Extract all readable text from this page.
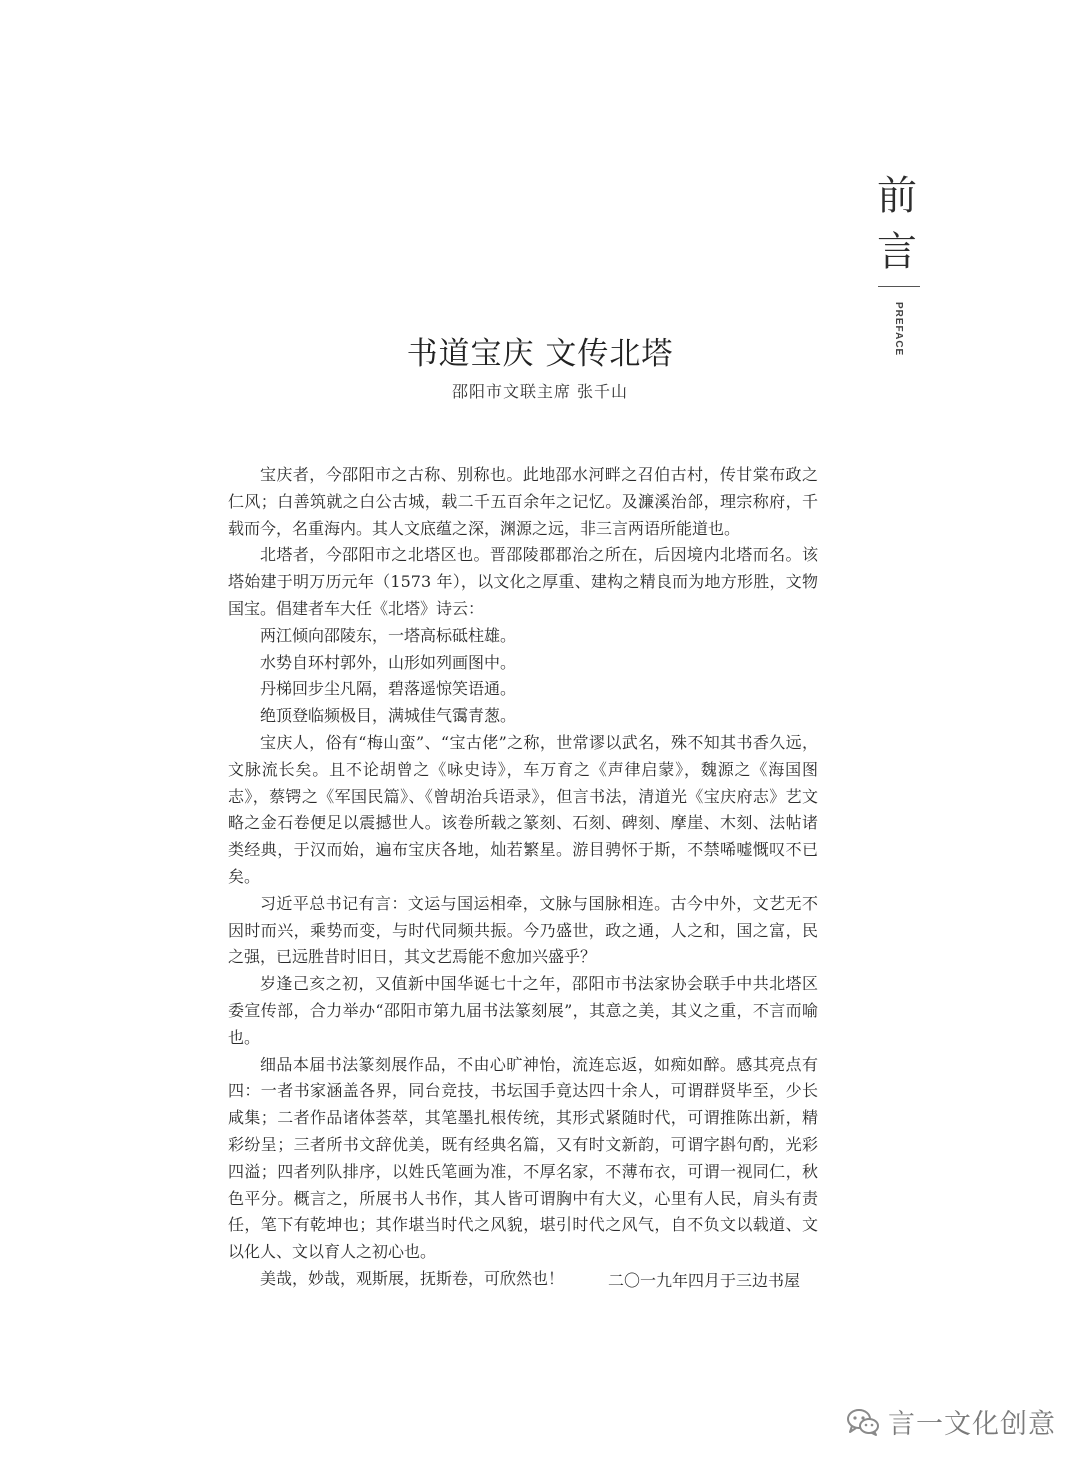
前
言
PREFACE
书道宝庆 文传北塔
邵阳市文联主席 张千山

宝庆者，今邵阳市之古称、别称也。此地邵水河畔之召伯古村，传甘棠布政之仁风；白善筑就之白公古城，载二千五百余年之记忆。及濂溪治郃，理宗称府，千载而今，名重海内。其人文底蕴之深，渊源之远，非三言两语所能道也。

北塔者，今邵阳市之北塔区也。晋邵陵郡郡治之所在，后因境内北塔而名。该塔始建于明万历元年（1573 年），以文化之厚重、建构之精良而为地方形胜，文物国宝。倡建者车大任《北塔》诗云：

两江倾向邵陵东，一塔高标砥柱雄。

水势自环村郭外，山形如列画图中。

丹梯回步尘凡隔，碧落遥惊笑语通。

绝顶登临频极目，满城佳气霭青葱。

宝庆人，俗有“梅山蛮”、“宝古佬”之称，世常谬以武名，殊不知其书香久远，文脉流长矣。且不论胡曾之《咏史诗》，车万育之《声律启蒙》，魏源之《海国图志》，蔡锷之《军国民篇》、《曾胡治兵语录》，但言书法，清道光《宝庆府志》艺文略之金石卷便足以震撼世人。该卷所载之篆刻、石刻、碑刻、摩崖、木刻、法帖诸类经典，于汉而始，遍布宝庆各地，灿若繁星。游目骋怀于斯，不禁唏嘘慨叹不已矣。

习近平总书记有言：文运与国运相牵，文脉与国脉相连。古今中外，文艺无不因时而兴，乘势而变，与时代同频共振。今乃盛世，政之通，人之和，国之富，民之强，已远胜昔时旧日，其文艺焉能不愈加兴盛乎？

岁逢己亥之初，又值新中国华诞七十之年，邵阳市书法家协会联手中共北塔区委宣传部，合力举办“邵阳市第九届书法篆刻展”，其意之美，其义之重，不言而喻也。

细品本届书法篆刻展作品，不由心旷神怡，流连忘返，如痴如醉。感其亮点有四：一者书家涵盖各界，同台竞技，书坛国手竟达四十余人，可谓群贤毕至，少长咸集；二者作品诸体荟萃，其笔墨扎根传统，其形式紧随时代，可谓推陈出新，精彩纷呈；三者所书文辞优美，既有经典名篇，又有时文新韵，可谓字斟句酌，光彩四溢；四者列队排序，以姓氏笔画为准，不厚名家，不薄布衣，可谓一视同仁，秋色平分。概言之，所展书人书作，其人皆可谓胸中有大义，心里有人民，肩头有责任，笔下有乾坤也；其作堪当时代之风貌，堪引时代之风气，自不负文以载道、文以化人、文以育人之初心也。

美哉，妙哉，观斯展，抚斯卷，可欣然也！	二〇一九年四月于三边书屋
言一文化创意
